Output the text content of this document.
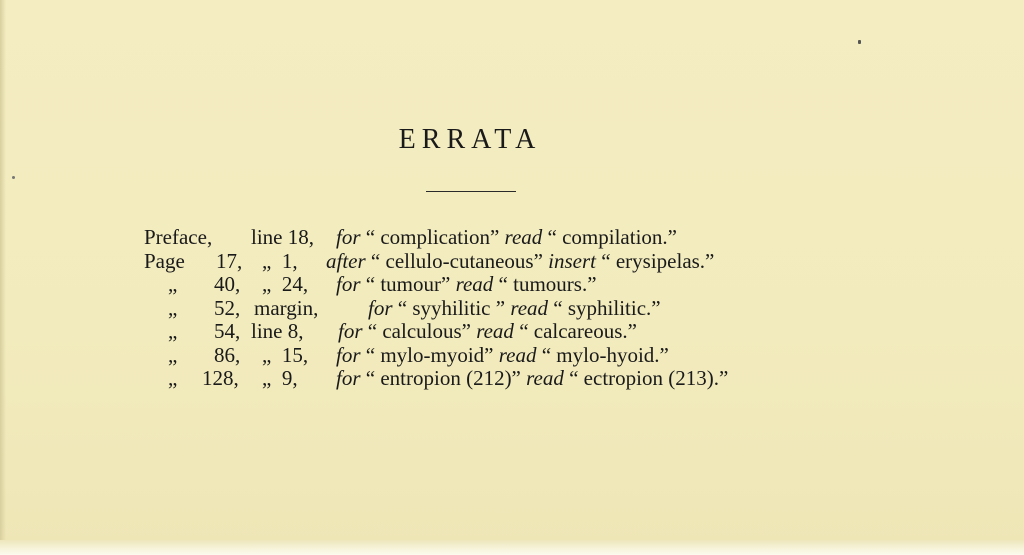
ERRATA
Preface, line 18, for “ complication” read “ compilation.”
Page 17, „  1, after “ cellulo-cutaneous” insert “ erysipelas.”
„ 40, „  24, for “ tumour” read “ tumours.”
„ 52, margin, for “ syyhilitic ” read “ syphilitic.”
„ 54, line 8, for “ calculous” read “ calcareous.”
„ 86, „  15, for “ mylo-myoid” read “ mylo-hyoid.”
„ 128, „  9, for “ entropion (212)” read “ ectropion (213).”
